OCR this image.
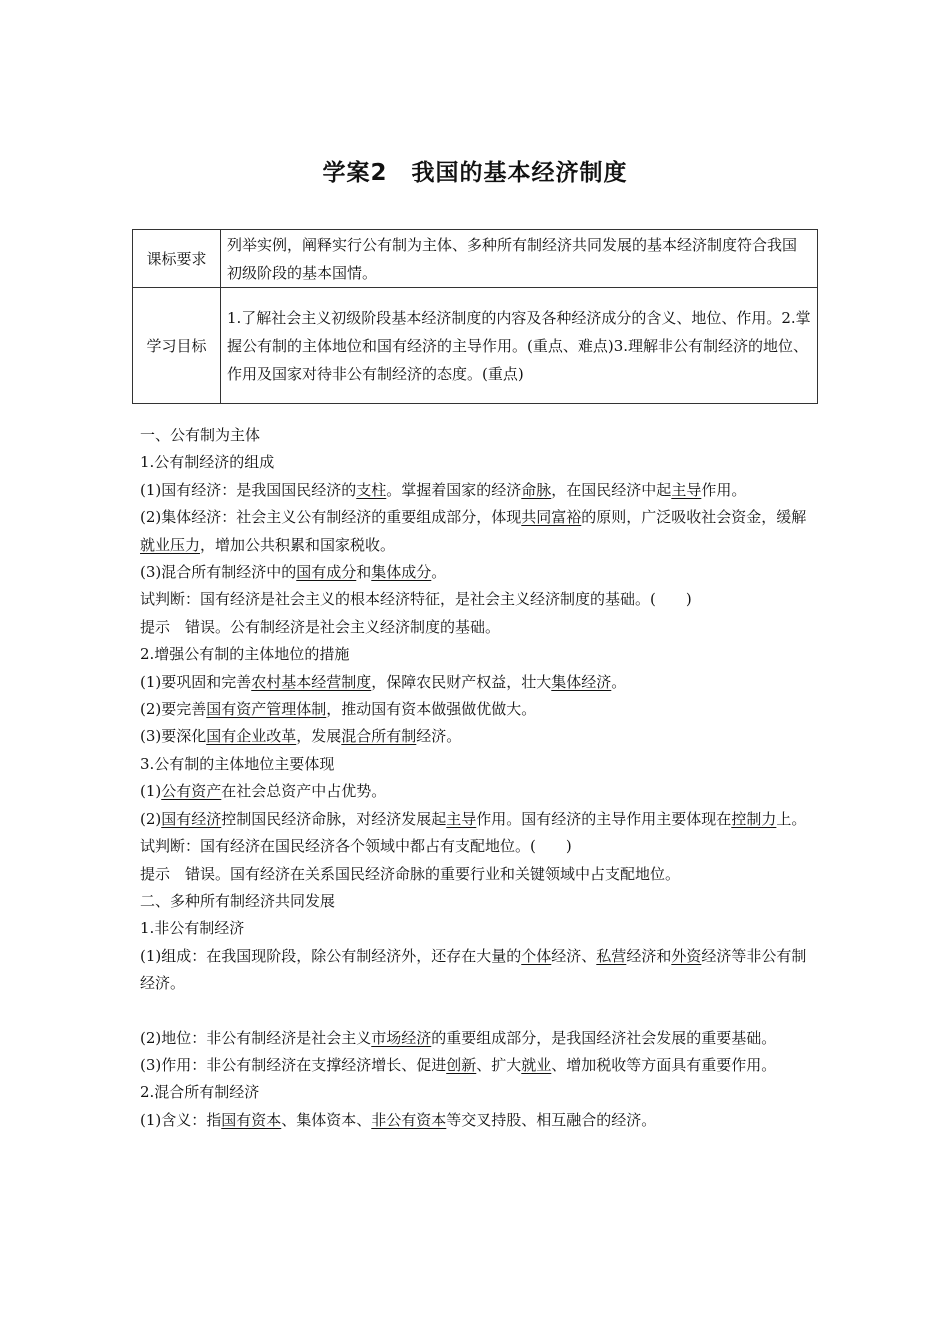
学案2　我国的基本经济制度
课标要求	列举实例，阐释实行公有制为主体、多种所有制经济共同发展的基本经济制度符合我国初级阶段的基本国情。
学习目标	1.了解社会主义初级阶段基本经济制度的内容及各种经济成分的含义、地位、作用。2.掌握公有制的主体地位和国有经济的主导作用。(重点、难点)3.理解非公有制经济的地位、作用及国家对待非公有制经济的态度。(重点)

一、公有制为主体

1.公有制经济的组成

(1)国有经济：是我国国民经济的支柱。掌握着国家的经济命脉，在国民经济中起主导作用。

(2)集体经济：社会主义公有制经济的重要组成部分，体现共同富裕的原则，广泛吸收社会资金，缓解就业压力，增加公共积累和国家税收。

(3)混合所有制经济中的国有成分和集体成分。

试判断：国有经济是社会主义的根本经济特征，是社会主义经济制度的基础。(　　)

提示　错误。公有制经济是社会主义经济制度的基础。

2.增强公有制的主体地位的措施

(1)要巩固和完善农村基本经营制度，保障农民财产权益，壮大集体经济。

(2)要完善国有资产管理体制，推动国有资本做强做优做大。

(3)要深化国有企业改革，发展混合所有制经济。

3.公有制的主体地位主要体现

(1)公有资产在社会总资产中占优势。

(2)国有经济控制国民经济命脉，对经济发展起主导作用。国有经济的主导作用主要体现在控制力上。

试判断：国有经济在国民经济各个领域中都占有支配地位。(　　)

提示　错误。国有经济在关系国民经济命脉的重要行业和关键领域中占支配地位。

二、多种所有制经济共同发展

1.非公有制经济

(1)组成：在我国现阶段，除公有制经济外，还存在大量的个体经济、私营经济和外资经济等非公有制经济。

(2)地位：非公有制经济是社会主义市场经济的重要组成部分，是我国经济社会发展的重要基础。

(3)作用：非公有制经济在支撑经济增长、促进创新、扩大就业、增加税收等方面具有重要作用。

2.混合所有制经济

(1)含义：指国有资本、集体资本、非公有资本等交叉持股、相互融合的经济。
